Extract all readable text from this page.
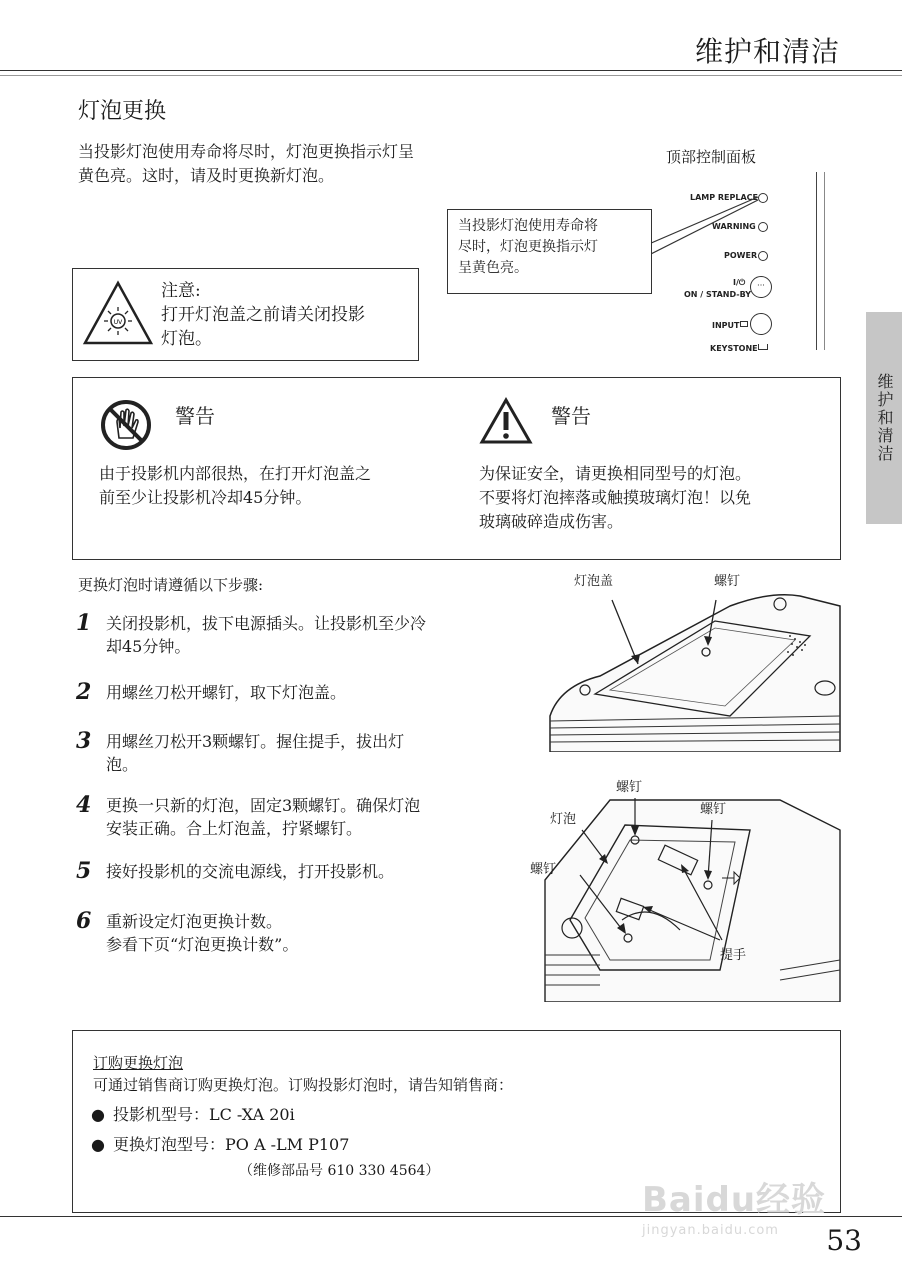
维护和清洁
维护和清洁
灯泡更换
当投影灯泡使用寿命将尽时，灯泡更换指示灯呈
黄色亮。这时，请及时更换新灯泡。
顶部控制面板
LAMP REPLACE
WARNING
POWER
I/⏻
ON / STAND-BY
···
INPUT
KEYSTONE
当投影灯泡使用寿命将
尽时，灯泡更换指示灯
呈黄色亮。
UV
注意:
打开灯泡盖之前请关闭投影
灯泡。
警告
由于投影机内部很热，在打开灯泡盖之
前至少让投影机冷却45分钟。
警告
为保证安全，请更换相同型号的灯泡。
不要将灯泡摔落或触摸玻璃灯泡！以免
玻璃破碎造成伤害。
更换灯泡时请遵循以下步骤:
1 关闭投影机，拔下电源插头。让投影机至少冷
却45分钟。
2 用螺丝刀松开螺钉，取下灯泡盖。
3 用螺丝刀松开3颗螺钉。握住提手，拔出灯
泡。
4 更换一只新的灯泡，固定3颗螺钉。确保灯泡
安装正确。合上灯泡盖，拧紧螺钉。
5 接好投影机的交流电源线，打开投影机。
6 重新设定灯泡更换计数。
参看下页“灯泡更换计数”。
灯泡盖	螺钉
螺钉
螺钉
灯泡
螺钉
提手
订购更换灯泡
可通过销售商订购更换灯泡。订购投影灯泡时，请告知销售商：
● 投影机型号：LC -XA 20i
● 更换灯泡型号：PO A -LM P107
（维修部品号 610 330 4564）
Baidu经验
jingyan.baidu.com	53
